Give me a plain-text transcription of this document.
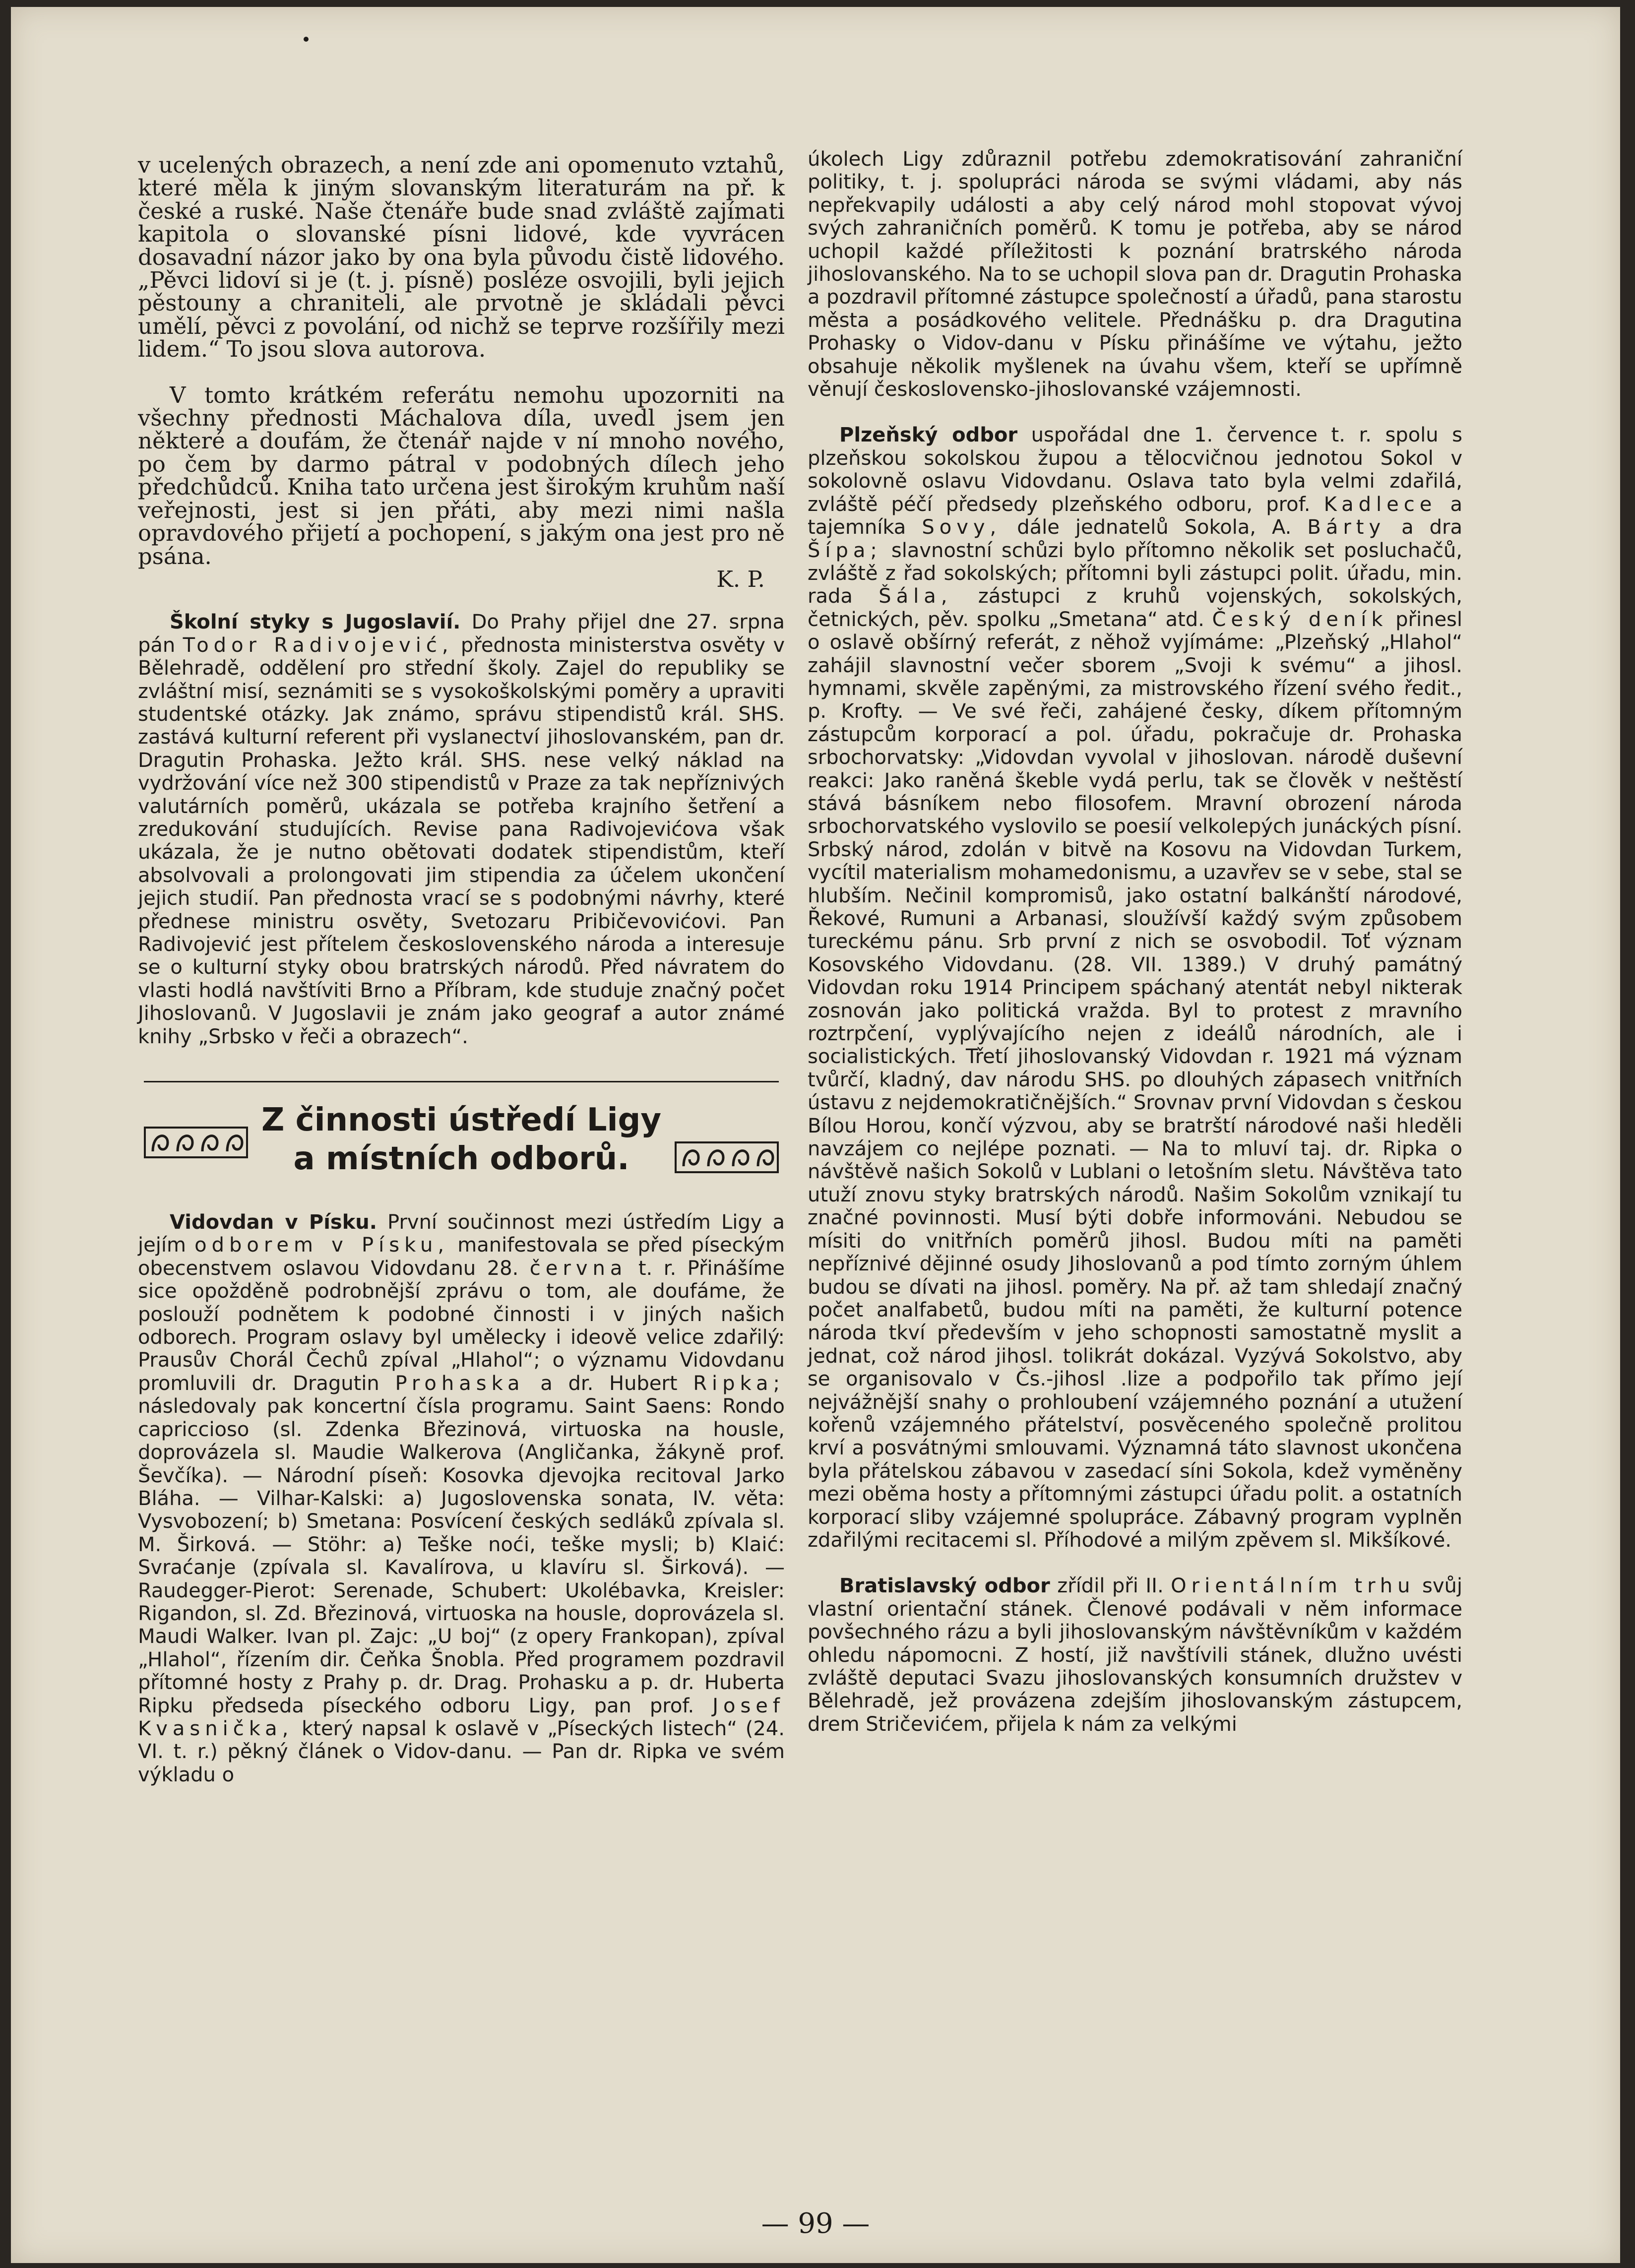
v ucelených obrazech, a není zde ani opomenuto vztahů, které měla k jiným slovanským literaturám na př. k české a ruské. Naše čtenáře bude snad zvláště zajímati kapitola o slovanské písni lidové, kde vyvrácen dosavadní názor jako by ona byla původu čistě lidového. „Pěvci lidoví si je (t. j. písně) posléze osvojili, byli jejich pěstouny a chraniteli, ale prvotně je skládali pěvci umělí, pěvci z povolání, od nichž se teprve rozšířily mezi lidem.“ To jsou slova autorova.

V tomto krátkém referátu nemohu upozorniti na všechny přednosti Máchalova díla, uvedl jsem jen některé a doufám, že čtenář najde v ní mnoho nového, po čem by darmo pátral v podobných dílech jeho předchůdců. Kniha tato určena jest širokým kruhům naší veřejnosti, jest si jen přáti, aby mezi nimi našla opravdového přijetí a pochopení, s jakým ona jest pro ně psána.

K. P.

Školní styky s Jugoslavií. Do Prahy přijel dne 27. srpna pán Todor Radivojević, přednosta ministerstva osvěty v Bělehradě, oddělení pro střední školy. Zajel do republiky se zvláštní misí, seznámiti se s vysokoškolskými poměry a upraviti studentské otázky. Jak známo, správu stipendistů král. SHS. zastává kulturní referent při vyslanectví jihoslovanském, pan dr. Dragutin Prohaska. Ježto král. SHS. nese velký náklad na vydržování více než 300 stipendistů v Praze za tak nepříznivých valutárních poměrů, ukázala se potřeba krajního šetření a zredukování studujících. Revise pana Radivojevićova však ukázala, že je nutno obětovati dodatek stipendistům, kteří absolvovali a prolongovati jim stipendia za účelem ukončení jejich studií. Pan přednosta vrací se s podobnými návrhy, které přednese ministru osvěty, Svetozaru Pribičevovićovi. Pan Radivojević jest přítelem československého národa a interesuje se o kulturní styky obou bratrských národů. Před návratem do vlasti hodlá navštíviti Brno a Příbram, kde studuje značný počet Jihoslovanů. V Jugoslavii je znám jako geograf a autor známé knihy „Srbsko v řeči a obrazech“.

Z činnosti ústředí Ligy
a místních odborů.

Vidovdan v Písku. První součinnost mezi ústředím Ligy a jejím odborem v Písku, manifestovala se před píseckým obecenstvem oslavou Vidovdanu 28. června t. r. Přinášíme sice opožděně podrobnější zprávu o tom, ale doufáme, že poslouží podnětem k podobné činnosti i v jiných našich odborech. Program oslavy byl umělecky i ideově velice zdařilý: Prausův Chorál Čechů zpíval „Hlahol“; o významu Vidovdanu promluvili dr. Dragutin Prohaska a dr. Hubert Ripka; následovaly pak koncertní čísla programu. Saint Saens: Rondo capriccioso (sl. Zdenka Březinová, virtuoska na housle, doprovázela sl. Maudie Walkerova (Angličanka, žákyně prof. Ševčíka). — Národní píseň: Kosovka djevojka recitoval Jarko Bláha. — Vilhar-Kalski: a) Jugoslovenska sonata, IV. věta: Vysvobození; b) Smetana: Posvícení českých sedláků zpívala sl. M. Širková. — Stöhr: a) Teške noći, teške mysli; b) Klaić: Svraćanje (zpívala sl. Kavalírova, u klavíru sl. Širková). — Raudegger-Pierot: Serenade, Schubert: Ukolébavka, Kreisler: Rigandon, sl. Zd. Březinová, virtuoska na housle, doprovázela sl. Maudi Walker. Ivan pl. Zajc: „U boj“ (z opery Frankopan), zpíval „Hlahol“, řízením dir. Čeňka Šnobla. Před programem pozdravil přítomné hosty z Prahy p. dr. Drag. Prohasku a p. dr. Huberta Ripku předseda píseckého odboru Ligy, pan prof. Josef Kvasnička, který napsal k oslavě v „Píseckých listech“ (24. VI. t. r.) pěkný článek o Vidov-danu. — Pan dr. Ripka ve svém výkladu o

úkolech Ligy zdůraznil potřebu zdemokratisování zahraniční politiky, t. j. spolupráci národa se svými vládami, aby nás nepřekvapily události a aby celý národ mohl stopovat vývoj svých zahraničních poměrů. K tomu je potřeba, aby se národ uchopil každé příležitosti k poznání bratrského národa jihoslovanského. Na to se uchopil slova pan dr. Dragutin Prohaska a pozdravil přítomné zástupce společností a úřadů, pana starostu města a posádkového velitele. Přednášku p. dra Dragutina Prohasky o Vidov-danu v Písku přinášíme ve výtahu, ježto obsahuje několik myšlenek na úvahu všem, kteří se upřímně věnují československo-jihoslovanské vzájemnosti.

Plzeňský odbor uspořádal dne 1. července t. r. spolu s plzeňskou sokolskou župou a tělocvičnou jednotou Sokol v sokolovně oslavu Vidovdanu. Oslava tato byla velmi zdařilá, zvláště péčí předsedy plzeňského odboru, prof. Kadlece a tajemníka Sovy, dále jednatelů Sokola, A. Bárty a dra Šípa; slavnostní schůzi bylo přítomno několik set posluchačů, zvláště z řad sokolských; přítomni byli zástupci polit. úřadu, min. rada Šála, zástupci z kruhů vojenských, sokolských, četnických, pěv. spolku „Smetana“ atd. Český deník přinesl o oslavě obšírný referát, z něhož vyjímáme: „Plzeňský „Hlahol“ zahájil slavnostní večer sborem „Svoji k svému“ a jihosl. hymnami, skvěle zapěnými, za mistrovského řízení svého ředit., p. Krofty. — Ve své řeči, zahájené česky, díkem přítomným zástupcům korporací a pol. úřadu, pokračuje dr. Prohaska srbochorvatsky: „Vidovdan vyvolal v jihoslovan. národě duševní reakci: Jako raněná škeble vydá perlu, tak se člověk v neštěstí stává básníkem nebo filosofem. Mravní obrození národa srbochorvatského vyslovilo se poesií velkolepých junáckých písní. Srbský národ, zdolán v bitvě na Kosovu na Vidovdan Turkem, vycítil materialism mohamedonismu, a uzavřev se v sebe, stal se hlubším. Nečinil kompromisů, jako ostatní balkánští národové, Řekové, Rumuni a Arbanasi, sloužívší každý svým způsobem tureckému pánu. Srb první z nich se osvobodil. Toť význam Kosovského Vidovdanu. (28. VII. 1389.) V druhý památný Vidovdan roku 1914 Principem spáchaný atentát nebyl nikterak zosnován jako politická vražda. Byl to protest z mravního roztrpčení, vyplývajícího nejen z ideálů národních, ale i socialistických. Třetí jihoslovanský Vidovdan r. 1921 má význam tvůrčí, kladný, dav národu SHS. po dlouhých zápasech vnitřních ústavu z nejdemokratičnějších.“ Srovnav první Vidovdan s českou Bílou Horou, končí výzvou, aby se bratrští národové naši hleděli navzájem co nejlépe poznati. — Na to mluví taj. dr. Ripka o návštěvě našich Sokolů v Lublani o letošním sletu. Návštěva tato utuží znovu styky bratrských národů. Našim Sokolům vznikají tu značné povinnosti. Musí býti dobře informováni. Nebudou se mísiti do vnitřních poměrů jihosl. Budou míti na paměti nepříznivé dějinné osudy Jihoslovanů a pod tímto zorným úhlem budou se dívati na jihosl. poměry. Na př. až tam shledají značný počet analfabetů, budou míti na paměti, že kulturní potence národa tkví především v jeho schopnosti samostatně myslit a jednat, což národ jihosl. tolikrát dokázal. Vyzývá Sokolstvo, aby se organisovalo v Čs.-jihosl .lize a podpořilo tak přímo její nejvážnější snahy o prohloubení vzájemného poznání a utužení kořenů vzájemného přátelství, posvěceného společně prolitou krví a posvátnými smlouvami. Významná táto slavnost ukončena byla přátelskou zábavou v zasedací síni Sokola, kdež vyměněny mezi oběma hosty a přítomnými zástupci úřadu polit. a ostatních korporací sliby vzájemné spolupráce. Zábavný program vyplněn zdařilými recitacemi sl. Příhodové a milým zpěvem sl. Mikšíkové.

Bratislavský odbor zřídil při II. Orientálním trhu svůj vlastní orientační stánek. Členové podávali v něm informace povšechného rázu a byli jihoslovanským návštěvníkům v každém ohledu nápomocni. Z hostí, již navštívili stánek, dlužno uvésti zvláště deputaci Svazu jihoslovanských konsumních družstev v Bělehradě, jež provázena zdejším jihoslovanským zástupcem, drem Stričevićem, přijela k nám za velkými

— 99 —
